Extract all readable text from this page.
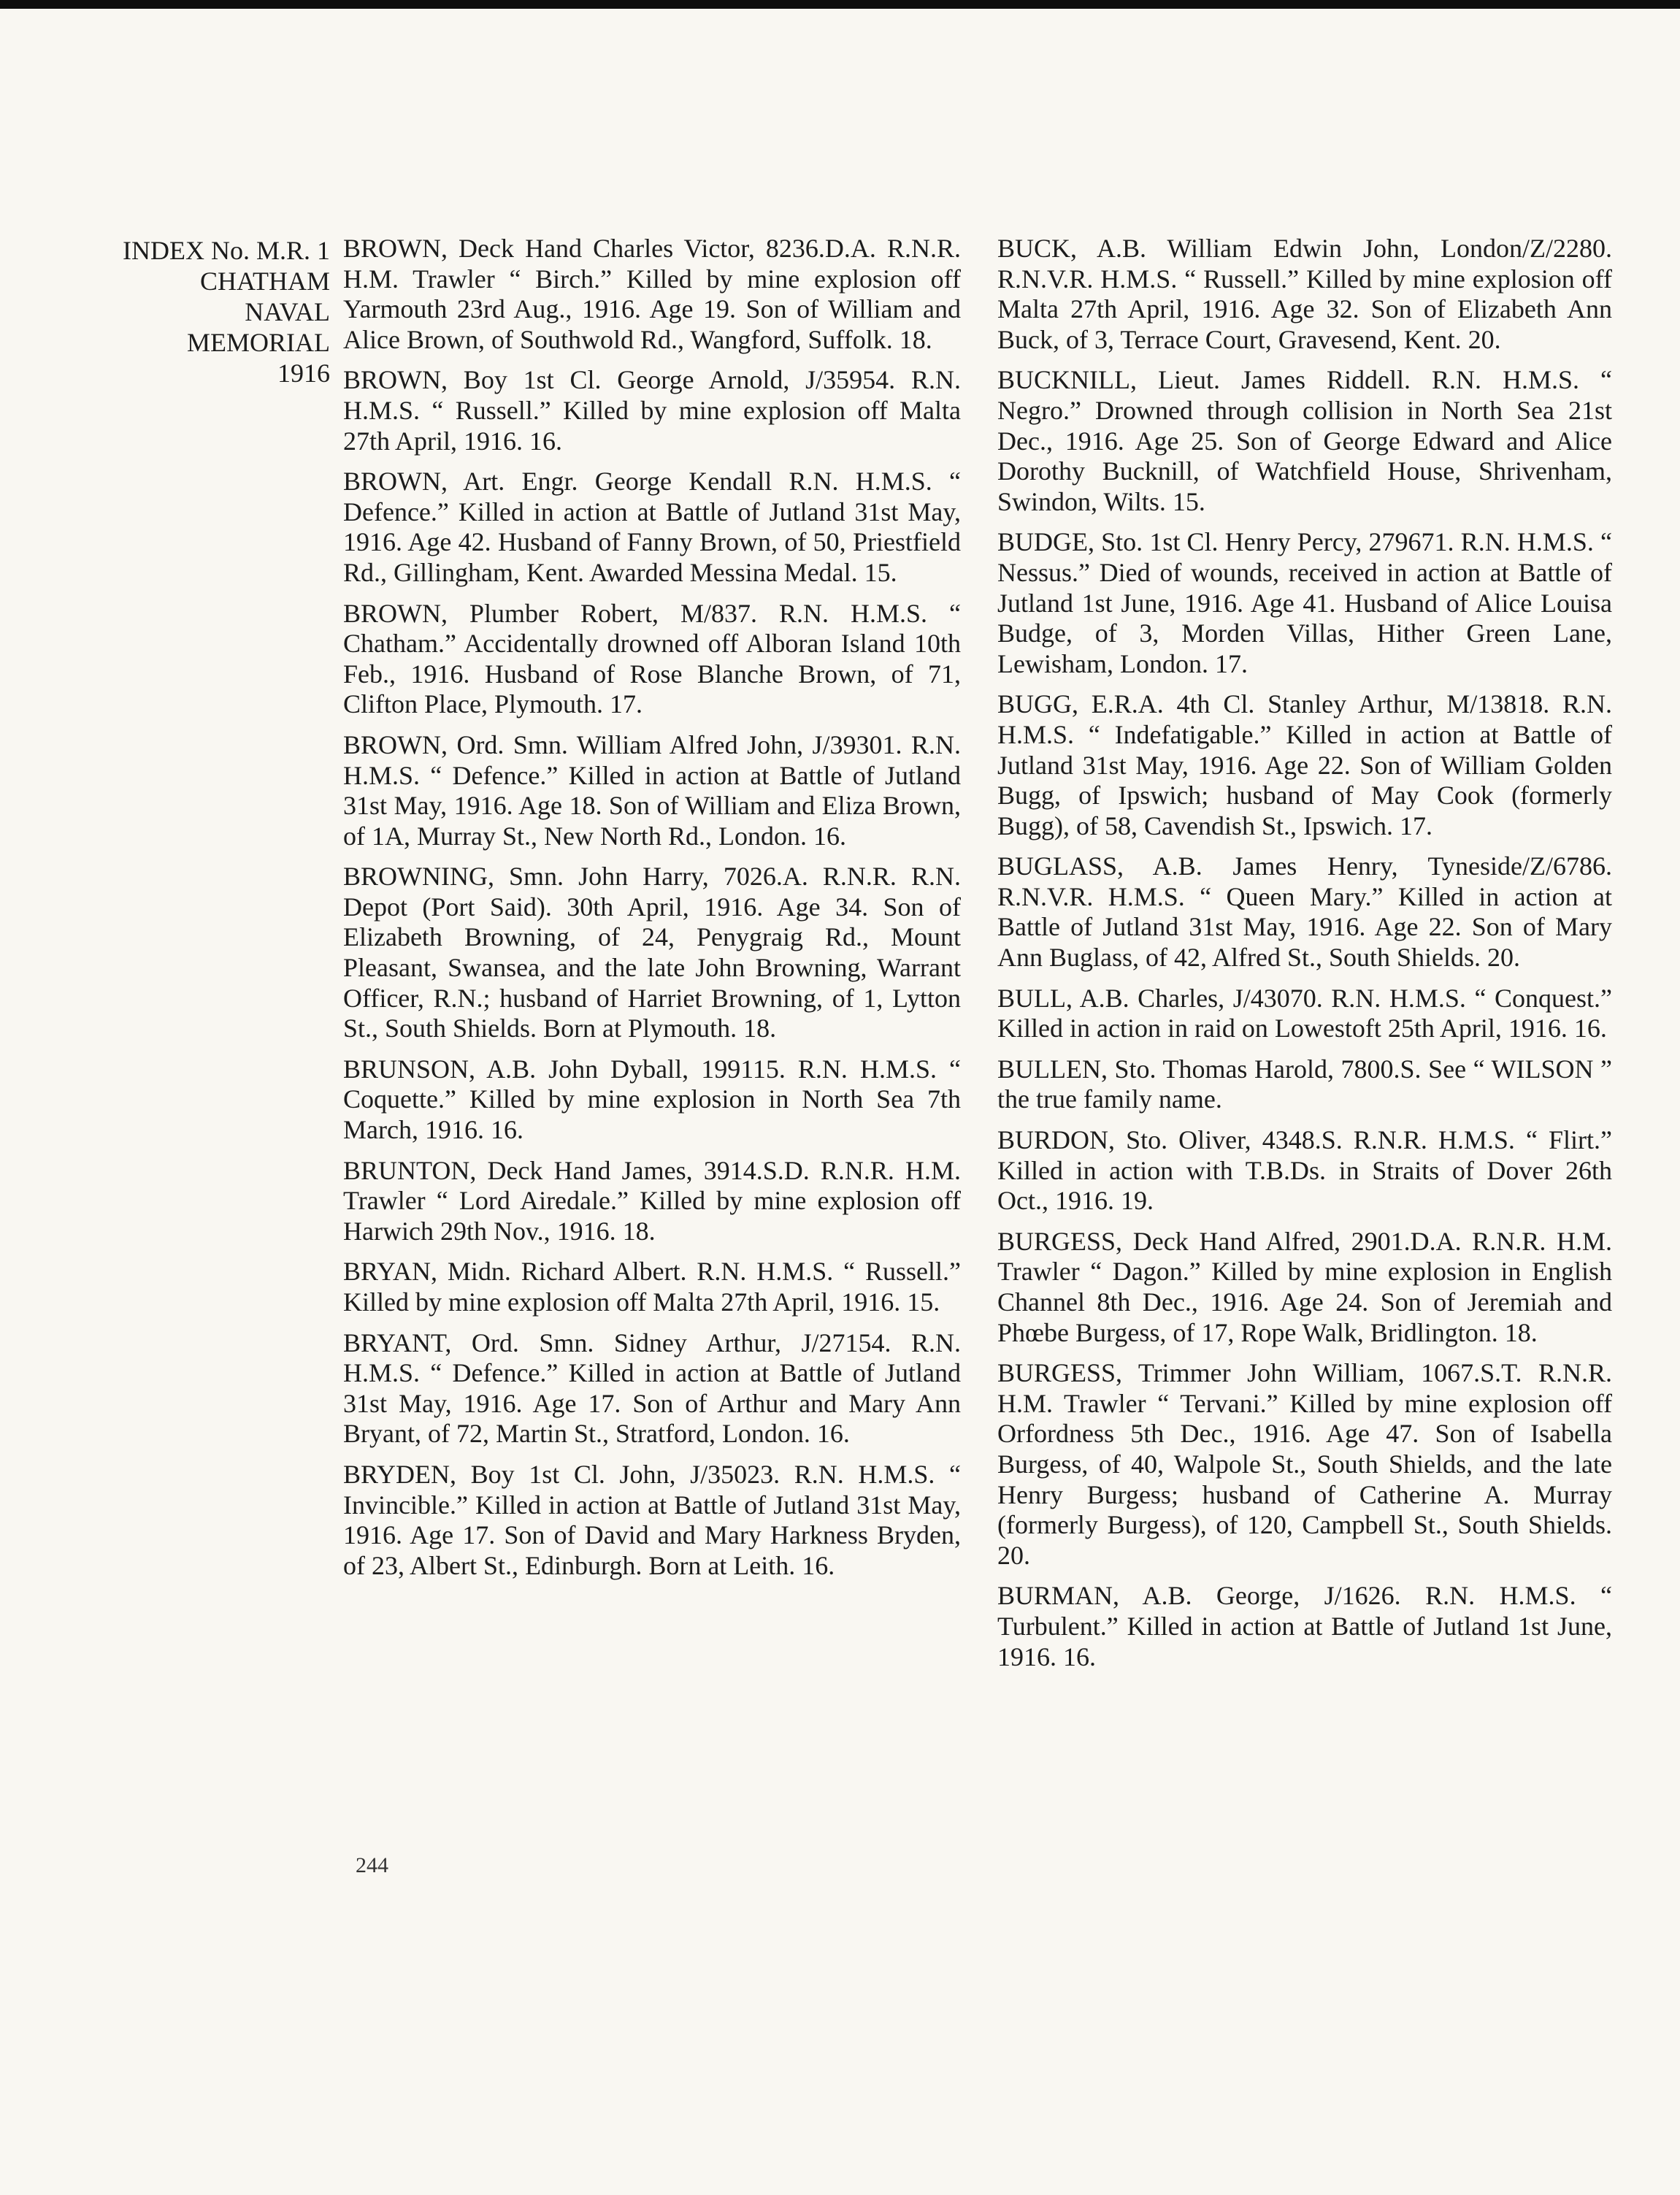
INDEX No. M.R. 1
CHATHAM
NAVAL
MEMORIAL
1916

BROWN, Deck Hand Charles Victor, 8236.D.A. R.N.R. H.M. Trawler “ Birch.” Killed by mine explosion off Yarmouth 23rd Aug., 1916. Age 19. Son of William and Alice Brown, of Southwold Rd., Wangford, Suffolk. 18.

BROWN, Boy 1st Cl. George Arnold, J/35954. R.N. H.M.S. “ Russell.” Killed by mine explosion off Malta 27th April, 1916. 16.

BROWN, Art. Engr. George Kendall R.N. H.M.S. “ Defence.” Killed in action at Battle of Jutland 31st May, 1916. Age 42. Husband of Fanny Brown, of 50, Priestfield Rd., Gillingham, Kent. Awarded Messina Medal. 15.

BROWN, Plumber Robert, M/837. R.N. H.M.S. “ Chatham.” Accidentally drowned off Alboran Island 10th Feb., 1916. Husband of Rose Blanche Brown, of 71, Clifton Place, Plymouth. 17.

BROWN, Ord. Smn. William Alfred John, J/39301. R.N. H.M.S. “ Defence.” Killed in action at Battle of Jutland 31st May, 1916. Age 18. Son of William and Eliza Brown, of 1A, Murray St., New North Rd., London. 16.

BROWNING, Smn. John Harry, 7026.A. R.N.R. R.N. Depot (Port Said). 30th April, 1916. Age 34. Son of Elizabeth Browning, of 24, Penygraig Rd., Mount Pleasant, Swansea, and the late John Browning, Warrant Officer, R.N.; husband of Harriet Browning, of 1, Lytton St., South Shields. Born at Plymouth. 18.

BRUNSON, A.B. John Dyball, 199115. R.N. H.M.S. “ Coquette.” Killed by mine explosion in North Sea 7th March, 1916. 16.

BRUNTON, Deck Hand James, 3914.S.D. R.N.R. H.M. Trawler “ Lord Airedale.” Killed by mine explosion off Harwich 29th Nov., 1916. 18.

BRYAN, Midn. Richard Albert. R.N. H.M.S. “ Russell.” Killed by mine explosion off Malta 27th April, 1916. 15.

BRYANT, Ord. Smn. Sidney Arthur, J/27154. R.N. H.M.S. “ Defence.” Killed in action at Battle of Jutland 31st May, 1916. Age 17. Son of Arthur and Mary Ann Bryant, of 72, Martin St., Stratford, London. 16.

BRYDEN, Boy 1st Cl. John, J/35023. R.N. H.M.S. “ Invincible.” Killed in action at Battle of Jutland 31st May, 1916. Age 17. Son of David and Mary Harkness Bryden, of 23, Albert St., Edinburgh. Born at Leith. 16.

BUCK, A.B. William Edwin John, London/Z/2280. R.N.V.R. H.M.S. “ Russell.” Killed by mine explosion off Malta 27th April, 1916. Age 32. Son of Elizabeth Ann Buck, of 3, Terrace Court, Gravesend, Kent. 20.

BUCKNILL, Lieut. James Riddell. R.N. H.M.S. “ Negro.” Drowned through collision in North Sea 21st Dec., 1916. Age 25. Son of George Edward and Alice Dorothy Bucknill, of Watchfield House, Shrivenham, Swindon, Wilts. 15.

BUDGE, Sto. 1st Cl. Henry Percy, 279671. R.N. H.M.S. “ Nessus.” Died of wounds, received in action at Battle of Jutland 1st June, 1916. Age 41. Husband of Alice Louisa Budge, of 3, Morden Villas, Hither Green Lane, Lewisham, London. 17.

BUGG, E.R.A. 4th Cl. Stanley Arthur, M/13818. R.N. H.M.S. “ Indefatigable.” Killed in action at Battle of Jutland 31st May, 1916. Age 22. Son of William Golden Bugg, of Ipswich; husband of May Cook (formerly Bugg), of 58, Cavendish St., Ipswich. 17.

BUGLASS, A.B. James Henry, Tyneside/Z/6786. R.N.V.R. H.M.S. “ Queen Mary.” Killed in action at Battle of Jutland 31st May, 1916. Age 22. Son of Mary Ann Buglass, of 42, Alfred St., South Shields. 20.

BULL, A.B. Charles, J/43070. R.N. H.M.S. “ Conquest.” Killed in action in raid on Lowestoft 25th April, 1916. 16.

BULLEN, Sto. Thomas Harold, 7800.S. See “ WILSON ” the true family name.

BURDON, Sto. Oliver, 4348.S. R.N.R. H.M.S. “ Flirt.” Killed in action with T.B.Ds. in Straits of Dover 26th Oct., 1916. 19.

BURGESS, Deck Hand Alfred, 2901.D.A. R.N.R. H.M. Trawler “ Dagon.” Killed by mine explosion in English Channel 8th Dec., 1916. Age 24. Son of Jeremiah and Phœbe Burgess, of 17, Rope Walk, Bridlington. 18.

BURGESS, Trimmer John William, 1067.S.T. R.N.R. H.M. Trawler “ Tervani.” Killed by mine explosion off Orfordness 5th Dec., 1916. Age 47. Son of Isabella Burgess, of 40, Walpole St., South Shields, and the late Henry Burgess; husband of Catherine A. Murray (formerly Burgess), of 120, Campbell St., South Shields. 20.

BURMAN, A.B. George, J/1626. R.N. H.M.S. “ Turbulent.” Killed in action at Battle of Jutland 1st June, 1916. 16.

244
